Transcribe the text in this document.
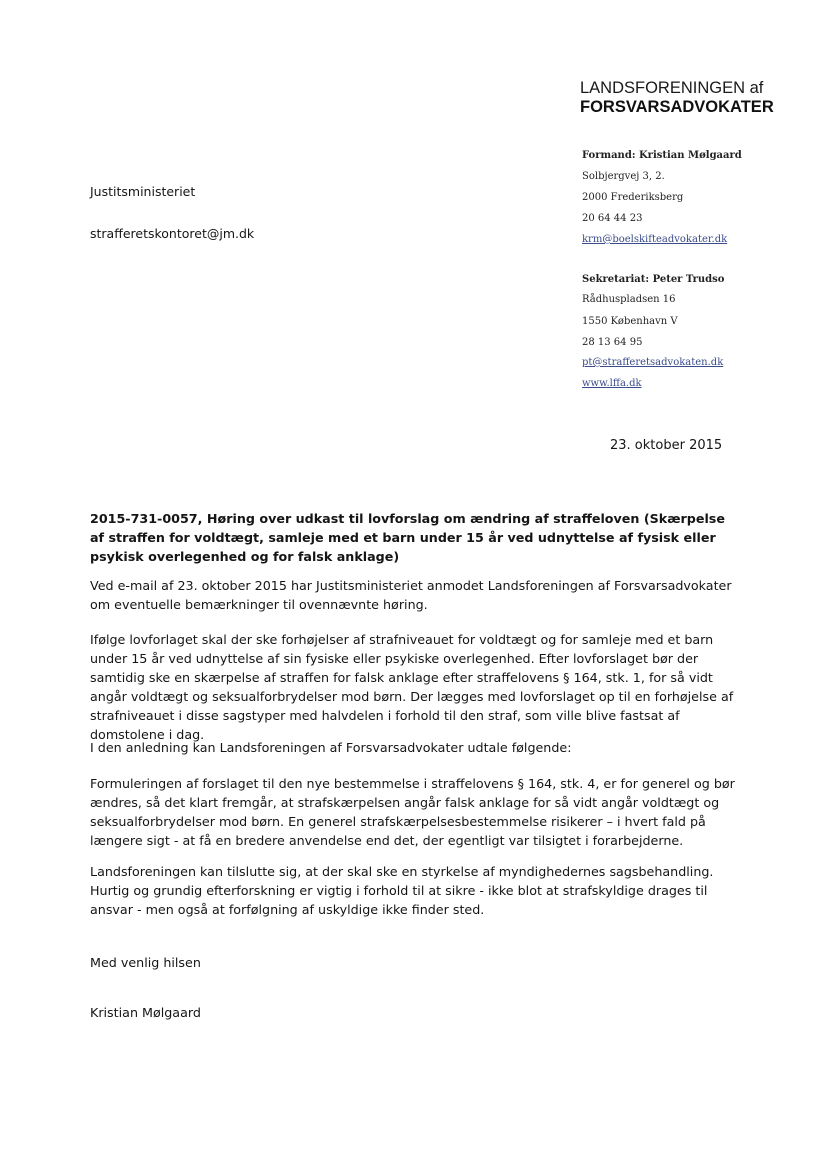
LANDSFORENINGEN af
FORSVARSADVOKATER
Formand: Kristian Mølgaard
Solbjergvej 3, 2.
2000 Frederiksberg
20 64 44 23
krm@boelskifteadvokater.dk
Sekretariat: Peter Trudso
Rådhuspladsen 16
1550 København V
28 13 64 95
pt@strafferetsadvokaten.dk
www.lffa.dk
Justitsministeriet
strafferetskontoret@jm.dk
23. oktober 2015
2015-731-0057, Høring over udkast til lovforslag om ændring af straffeloven (Skærpelse af straffen for voldtægt, samleje med et barn under 15 år ved udnyttelse af fysisk eller psykisk overlegenhed og for falsk anklage)
Ved e-mail af 23. oktober 2015 har Justitsministeriet anmodet Landsforeningen af Forsvarsadvokater om eventuelle bemærkninger til ovennævnte høring.
Ifølge lovforlaget skal der ske forhøjelser af strafniveauet for voldtægt og for samleje med et barn under 15 år ved udnyttelse af sin fysiske eller psykiske overlegenhed. Efter lovforslaget bør der samtidig ske en skærpelse af straffen for falsk anklage efter straffelovens § 164, stk. 1, for så vidt angår voldtægt og seksualforbrydelser mod børn. Der lægges med lovforslaget op til en forhøjelse af strafniveauet i disse sagstyper med halvdelen i forhold til den straf, som ville blive fastsat af domstolene i dag.
I den anledning kan Landsforeningen af Forsvarsadvokater udtale følgende:
Formuleringen af forslaget til den nye bestemmelse i straffelovens § 164, stk. 4, er for generel og bør ændres, så det klart fremgår, at strafskærpelsen angår falsk anklage for så vidt angår voldtægt og seksualforbrydelser mod børn. En generel strafskærpelsesbestemmelse risikerer – i hvert fald på længere sigt - at få en bredere anvendelse end det, der egentligt var tilsigtet i forarbejderne.
Landsforeningen kan tilslutte sig, at der skal ske en styrkelse af myndighedernes sagsbehandling. Hurtig og grundig efterforskning er vigtig i forhold til at sikre - ikke blot at strafskyldige drages til ansvar - men også at forfølgning af uskyldige ikke finder sted.
Med venlig hilsen
Kristian Mølgaard
